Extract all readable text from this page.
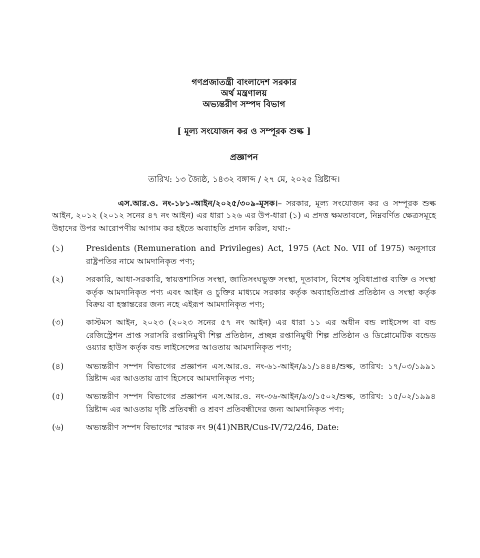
গণপ্রজাতন্ত্রী বাংলাদেশ সরকার
অর্থ মন্ত্রণালয়
অভ্যন্তরীণ সম্পদ বিভাগ
[ মূল্য সংযোজন কর ও সম্পূরক শুল্ক ]
প্রজ্ঞাপন
তারিখ: ১৩ জ্যৈষ্ঠ, ১৪৩২ বঙ্গাব্দ / ২৭ মে, ২০২৫ খ্রিষ্টাব্দ।

এস.আর.ও. নং-১৮১-আইন/২০২৫/৩০৯-মূসক।– সরকার, মূল্য সংযোজন কর ও সম্পূরক শুল্ক আইন, ২০১২ (২০১২ সনের ৪৭ নং আইন) এর ধারা ১২৬ এর উপ-ধারা (১) এ প্রদত্ত ক্ষমতাবলে, নিম্নবর্ণিত ক্ষেত্রসমূহে উহাদের উপর আরোপণীয় আগাম কর হইতে অব্যাহতি প্রদান করিল, যথা:-

(১)	Presidents (Remuneration and Privileges) Act, 1975 (Act No. VII of 1975) অনুসারে রাষ্ট্রপতির নামে আমদানিকৃত পণ্য;
(২)	সরকারি, আধা-সরকারি, স্বায়ত্তশাসিত সংস্থা, জাতিসংঘভুক্ত সংস্থা, দূতাবাস, বিশেষ সুবিধাপ্রাপ্ত ব্যক্তি ও সংস্থা কর্তৃক আমদানিকৃত পণ্য এবং আইন ও চুক্তির মাধ্যমে সরকার কর্তৃক অব্যাহতিপ্রাপ্ত প্রতিষ্ঠান ও সংস্থা কর্তৃক বিক্রয় বা হস্তান্তরের জন্য নহে এইরূপ আমদানিকৃত পণ্য;
(৩)	কাস্টমস আইন, ২০২৩ (২০২৩ সনের ৫৭ নং আইন) এর ধারা ১১ এর অধীন বন্ড লাইসেন্স বা বন্ড রেজিস্ট্রেশন প্রাপ্ত সরাসরি রপ্তানিমুখী শিল্প প্রতিষ্ঠান, প্রচ্ছন্ন রপ্তানিমুখী শিল্প প্রতিষ্ঠান ও ডিপ্লোমেটিক বন্ডেড ওয়্যার হাউস কর্তৃক বন্ড লাইসেন্সের আওতায় আমদানিকৃত পণ্য;
(৪)	অভ্যন্তরীণ সম্পদ বিভাগের প্রজ্ঞাপন এস.আর.ও. নং-৬১-আইন/৯১/১৪৪৪/শুল্ক, তারিখ: ১৭/০৩/১৯৯১ খ্রিষ্টাব্দ এর আওতায় ত্রাণ হিসেবে আমদানিকৃত পণ্য;
(৫)	অভ্যন্তরীণ সম্পদ বিভাগের প্রজ্ঞাপন এস.আর.ও. নং-৩৬-আইন/৯৩/১৫০২/শুল্ক, তারিখ: ১৫/০২/১৯৯৪ খ্রিষ্টাব্দ এর আওতায় দৃষ্টি প্রতিবন্ধী ও শ্রবণ প্রতিবন্ধীদের জন্য আমদানিকৃত পণ্য;
(৬)	অভ্যন্তরীণ সম্পদ বিভাগের স্মারক নং 9(41)NBR/Cus-IV/72/246, Date:
